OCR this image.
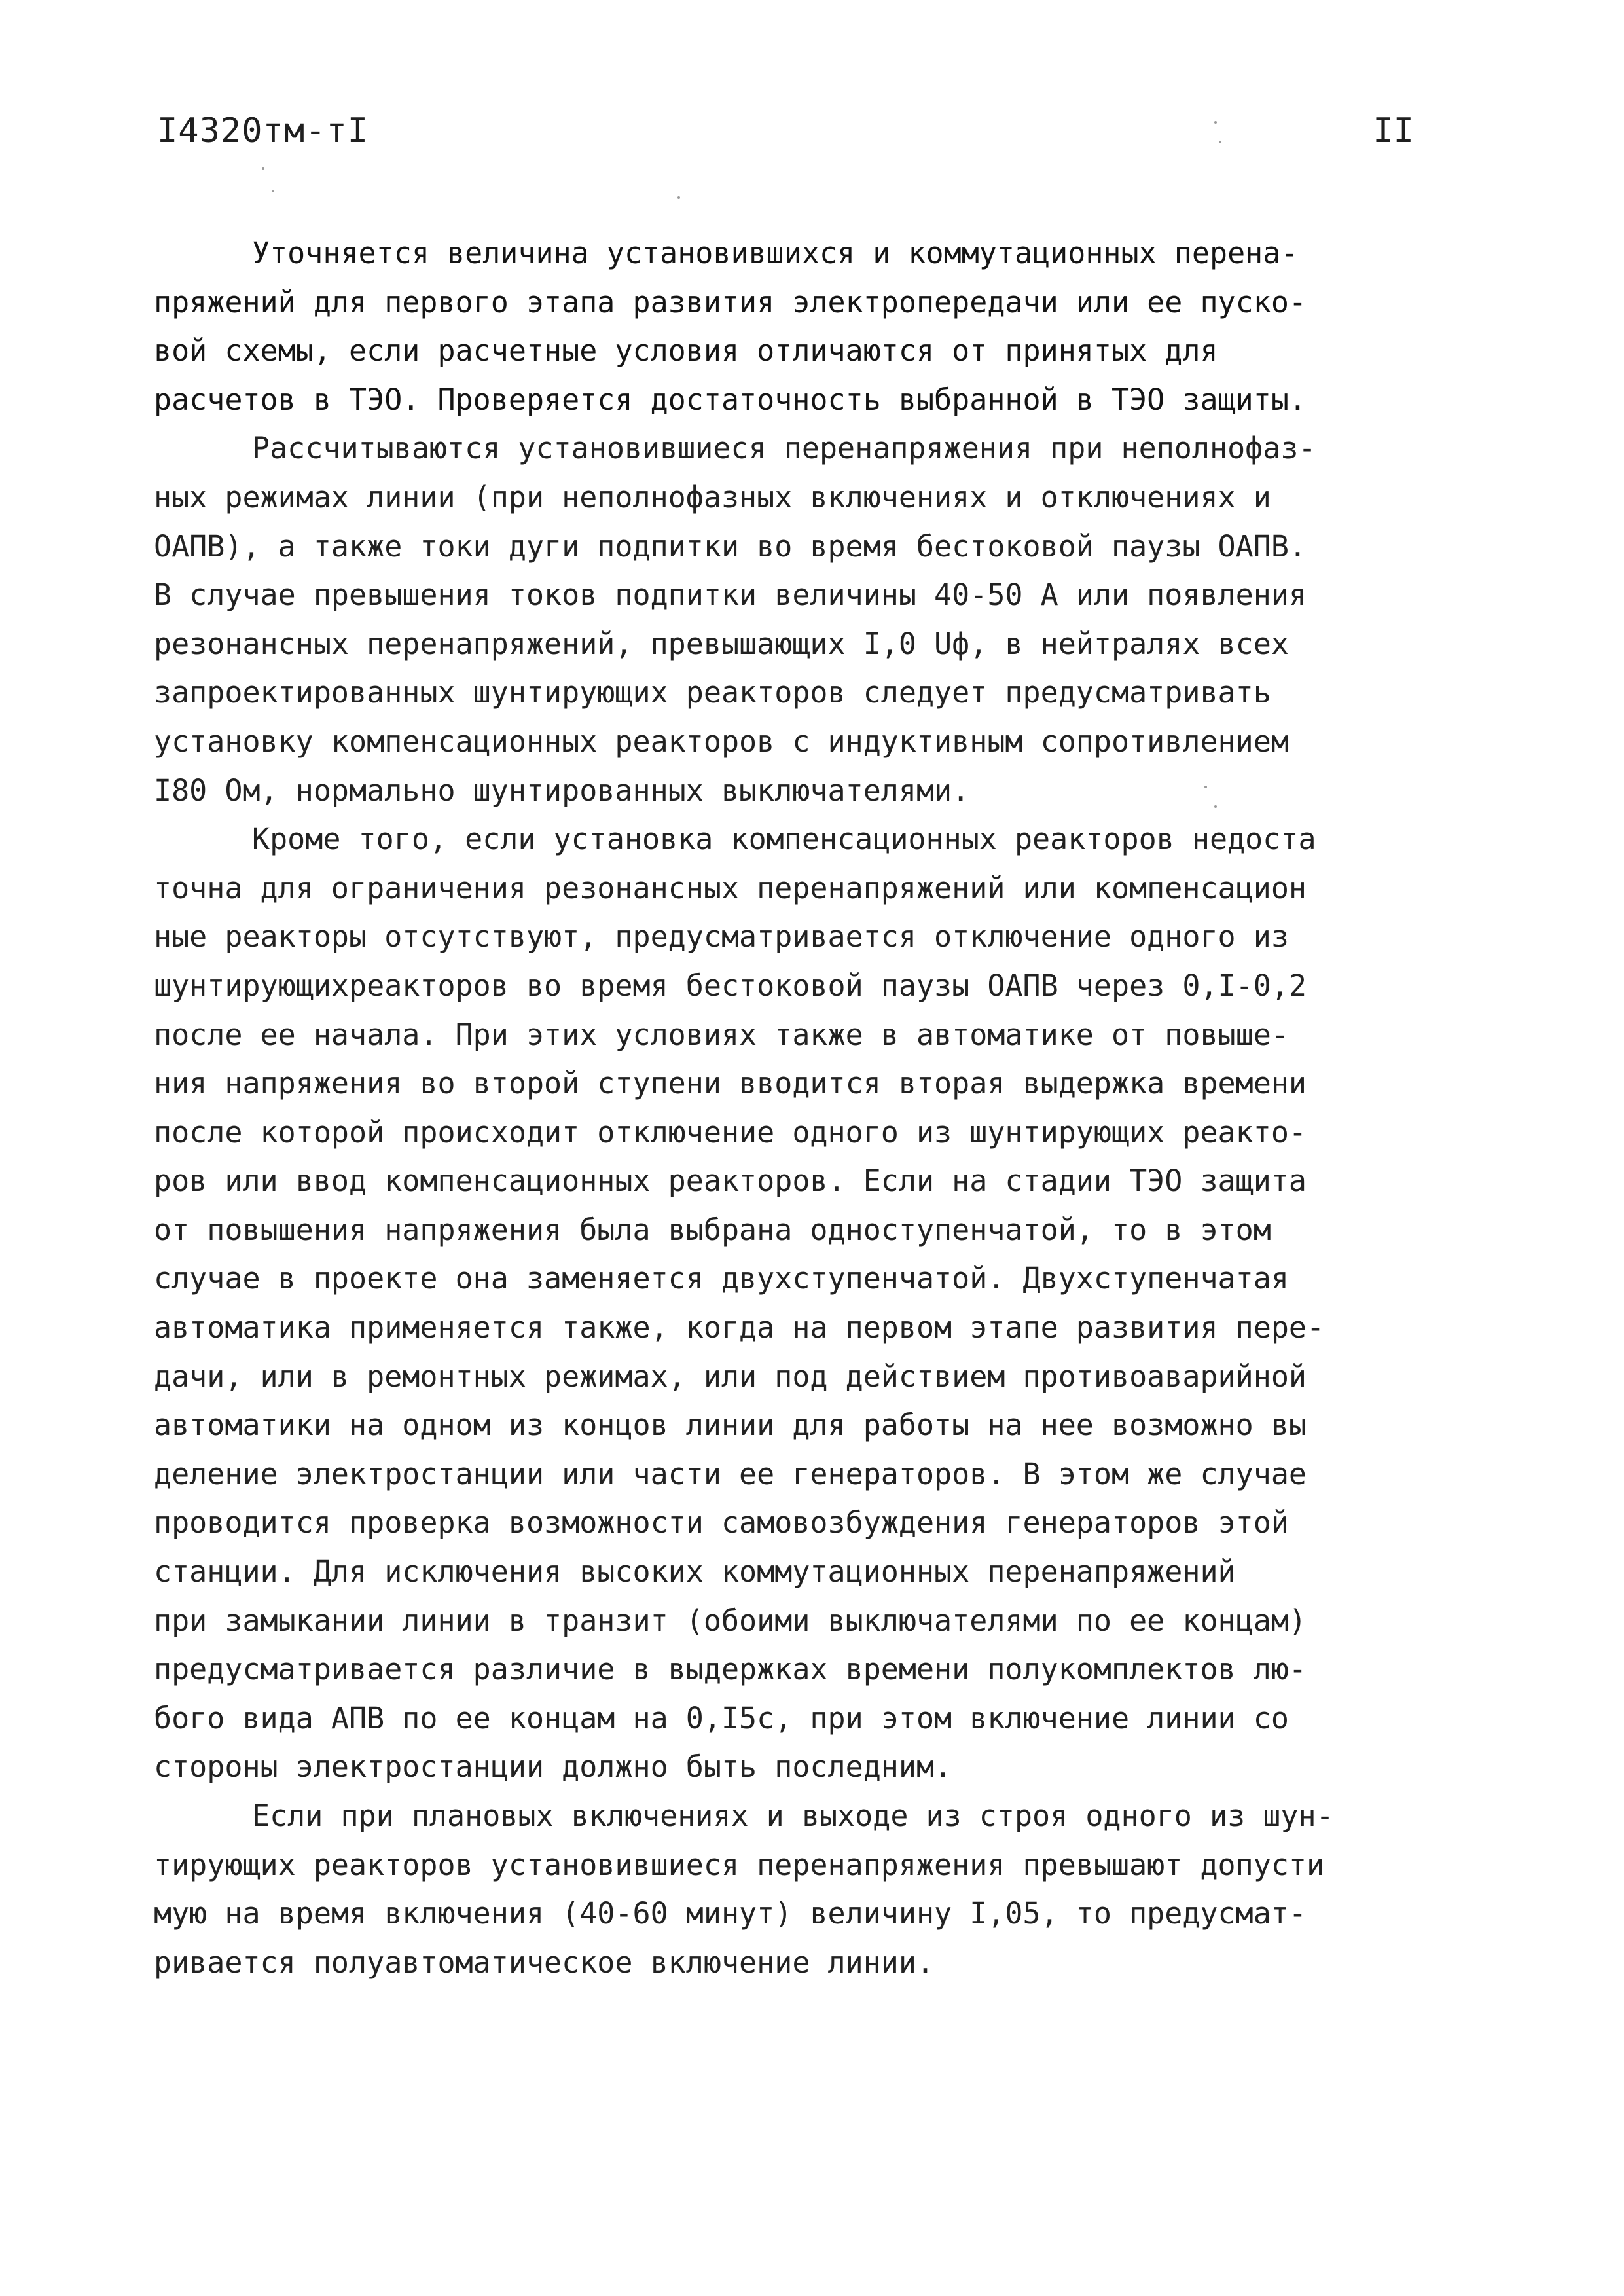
I4320тм-тI	II
Уточняется величина установившихся и коммутационных перена-
пряжений для первого этапа развития электропередачи или ее пуско-
вой схемы, если расчетные условия отличаются от принятых для
расчетов в ТЭО. Проверяется достаточность выбранной в ТЭО защиты.
Рассчитываются установившиеся перенапряжения при неполнофаз-
ных режимах линии (при неполнофазных включениях и отключениях и
ОАПВ), а также токи дуги подпитки во время бестоковой паузы ОАПВ.
В случае превышения токов подпитки величины 40-50 А или появления
резонансных перенапряжений, превышающих I,0 Uф, в нейтралях всех
запроектированных шунтирующих реакторов следует предусматривать
установку компенсационных реакторов с индуктивным сопротивлением
I80 Ом, нормально шунтированных выключателями.
Кроме того, если установка компенсационных реакторов недоста
точна для ограничения резонансных перенапряжений или компенсацион
ные реакторы отсутствуют, предусматривается отключение одного из
шунтирующихреакторов во время бестоковой паузы ОАПВ через 0,I-0,2
после ее начала. При этих условиях также в автоматике от повыше-
ния напряжения во второй ступени вводится вторая выдержка времени
после которой происходит отключение одного из шунтирующих реакто-
ров или ввод компенсационных реакторов. Если на стадии ТЭО защита
от повышения напряжения была выбрана одноступенчатой, то в этом
случае в проекте она заменяется двухступенчатой. Двухступенчатая
автоматика применяется также, когда на первом этапе развития пере-
дачи, или в ремонтных режимах, или под действием противоаварийной
автоматики на одном из концов линии для работы на нее возможно вы
деление электростанции или части ее генераторов. В этом же случае
проводится проверка возможности самовозбуждения генераторов этой
станции. Для исключения высоких коммутационных перенапряжений
при замыкании линии в транзит (обоими выключателями по ее концам)
предусматривается различие в выдержках времени полукомплектов лю-
бого вида АПВ по ее концам на 0,I5с, при этом включение линии со
стороны электростанции должно быть последним.
Если при плановых включениях и выходе из строя одного из шун-
тирующих реакторов установившиеся перенапряжения превышают допусти
мую на время включения (40-60 минут) величину I,05, то предусмат-
ривается полуавтоматическое включение линии.
